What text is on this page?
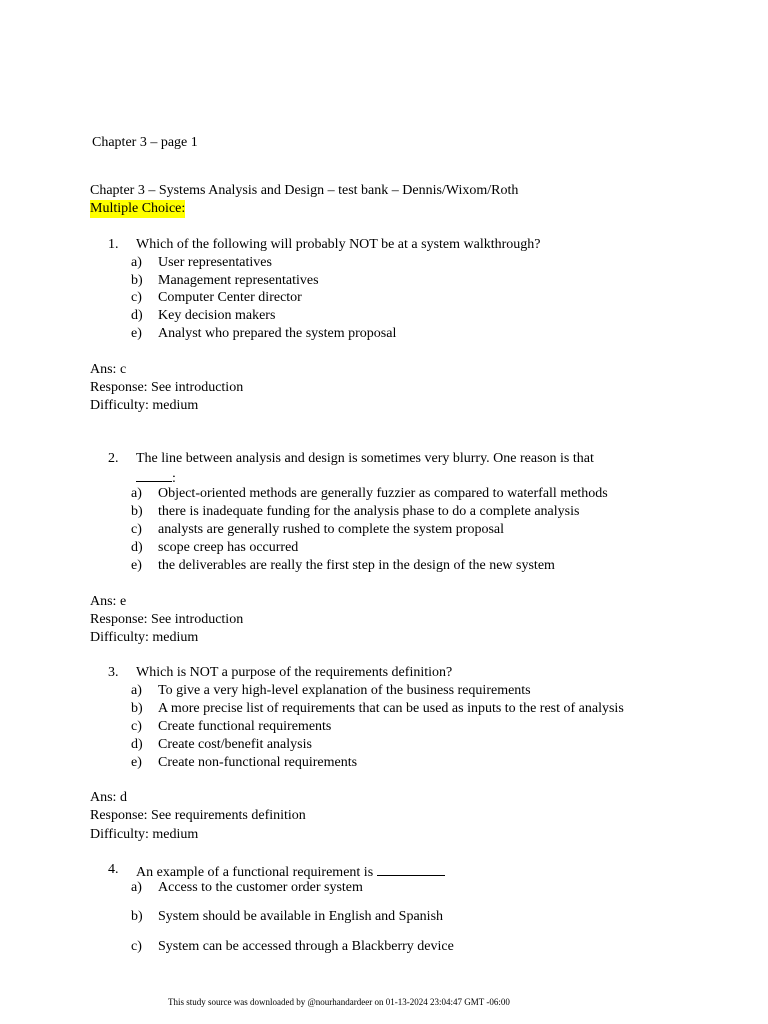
Chapter 3 – page 1
Chapter 3 – Systems Analysis and Design – test bank – Dennis/Wixom/Roth
Multiple Choice:
1. Which of the following will probably NOT be at a system walkthrough?
a) User representatives
b) Management representatives
c) Computer Center director
d) Key decision makers
e) Analyst who prepared the system proposal
Ans: c
Response: See introduction
Difficulty: medium
2. The line between analysis and design is sometimes very blurry. One reason is that
:
a) Object-oriented methods are generally fuzzier as compared to waterfall methods
b) there is inadequate funding for the analysis phase to do a complete analysis
c) analysts are generally rushed to complete the system proposal
d) scope creep has occurred
e) the deliverables are really the first step in the design of the new system
Ans: e
Response: See introduction
Difficulty: medium
3. Which is NOT a purpose of the requirements definition?
a) To give a very high-level explanation of the business requirements
b) A more precise list of requirements that can be used as inputs to the rest of analysis
c) Create functional requirements
d) Create cost/benefit analysis
e) Create non-functional requirements
Ans: d
Response: See requirements definition
Difficulty: medium
4. An example of a functional requirement is
a) Access to the customer order system
b) System should be available in English and Spanish
c) System can be accessed through a Blackberry device
This study source was downloaded by @nourhandardeer on 01-13-2024 23:04:47 GMT -06:00
